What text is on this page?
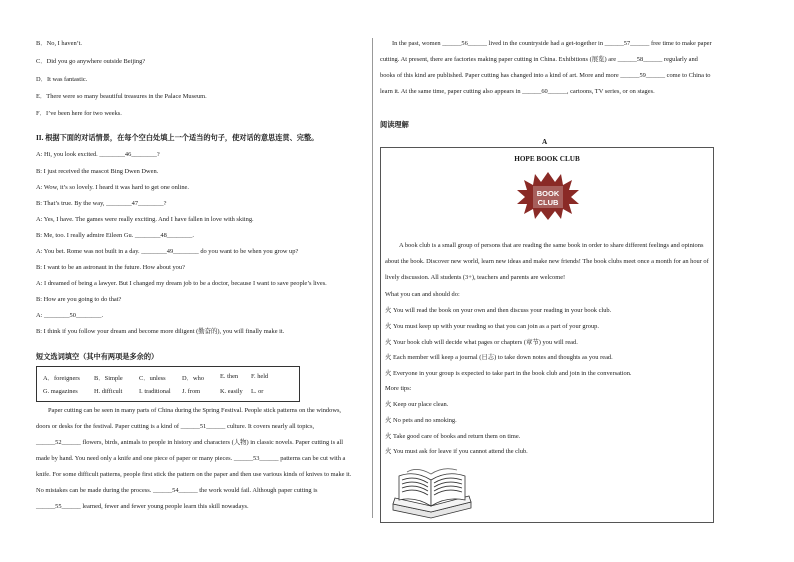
B．No, I haven’t.
C．Did you go anywhere outside Beijing?
D．It was fantastic.
E．There were so many beautiful treasures in the Palace Museum.
F．I’ve been here for two weeks.
II. 根据下面的对话情景，在每个空白处填上一个适当的句子，使对话的意思连贯、完整。
A: Hi, you look excited. ________46________?
B: I just received the mascot Bing Dwen Dwen.
A: Wow, it’s so lovely. I heard it was hard to get one online.
B: That’s true. By the way, ________47________?
A: Yes, I have. The games were really exciting. And I have fallen in love with skiing.
B: Me, too. I really admire Eileen Gu. ________48________.
A: You bet. Rome was not built in a day. ________49________ do you want to be when you grow up?
B: I want to be an astronaut in the future. How about you?
A: I dreamed of being a lawyer. But I changed my dream job to be a doctor, because I want to save people’s lives.
B: How are you going to do that?
A: ________50________.
B: I think if you follow your dream and become more diligent (勤奋的), you will finally make it.
短文选词填空（其中有两项是多余的）
A．foreigners B．Simple	C．unless	D．who E. then F. held
G. magazines	H. difficult	I. traditional J. from	K. easily L. or
Paper cutting can be seen in many parts of China during the Spring Festival. People stick patterns on the windows, doors or desks for the festival. Paper cutting is a kind of ______51______ culture. It covers nearly all topics, ______52______ flowers, birds, animals to people in history and characters (人物) in classic novels. Paper cutting is all made by hand. You need only a knife and one piece of paper or many pieces. ______53______ patterns can be cut with a knife. For some difficult patterns, people first stick the pattern on the paper and then use various kinds of knives to make it. No mistakes can be made during the process. ______54______ the work would fail. Although paper cutting is ______55______ learned, fewer and fewer young people learn this skill nowadays.
In the past, women ______56______ lived in the countryside had a get-together in ______57______ free time to make paper cutting. At present, there are factories making paper cutting in China. Exhibitions (展览) are ______58______ regularly and books of this kind are published. Paper cutting has changed into a kind of art. More and more ______59______ come to China to learn it. At the same time, paper cutting also appears in ______60______, cartoons, TV series, or on stages.
阅读理解
A
HOPE BOOK CLUB
BOOK
CLUB
A book club is a small group of persons that are reading the same book in order to share different feelings and opinions about the book. Discover new world, learn new ideas and make new friends! The book clubs meet once a month for an hour of lively discussion. All students (3+), teachers and parents are welcome!
What you can and should do:
火 You will read the book on your own and then discuss your reading in your book club.
火 You must keep up with your reading so that you can join as a part of your group.
火 Your book club will decide what pages or chapters (章节) you will read.
火 Each member will keep a journal (日志) to take down notes and thoughts as you read.
火 Everyone in your group is expected to take part in the book club and join in the conversation.
More tips:
火 Keep our place clean.
火 No pets and no smoking.
火 Take good care of books and return them on time.
火 You must ask for leave if you cannot attend the club.
